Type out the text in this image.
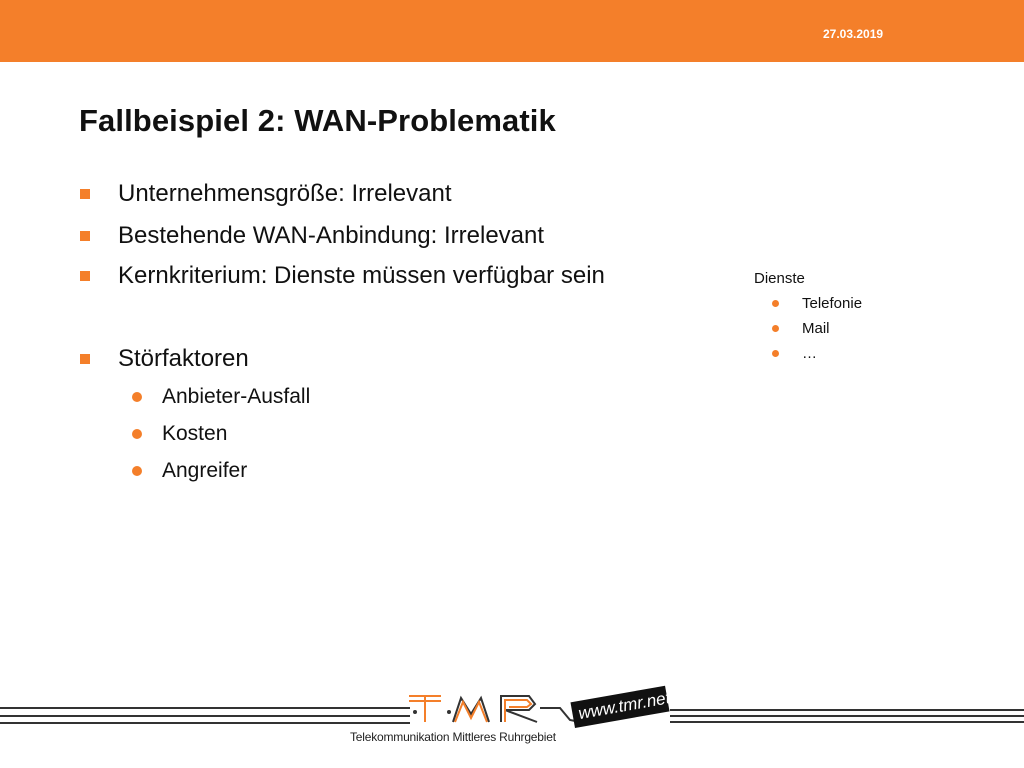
27.03.2019
Fallbeispiel 2: WAN-Problematik
Unternehmensgröße: Irrelevant
Bestehende WAN-Anbindung: Irrelevant
Kernkriterium: Dienste müssen verfügbar sein
Störfaktoren
Anbieter-Ausfall
Kosten
Angreifer
Dienste
Telefonie
Mail
…
Telekommunikation Mittleres Ruhrgebiet
www.tmr.net
